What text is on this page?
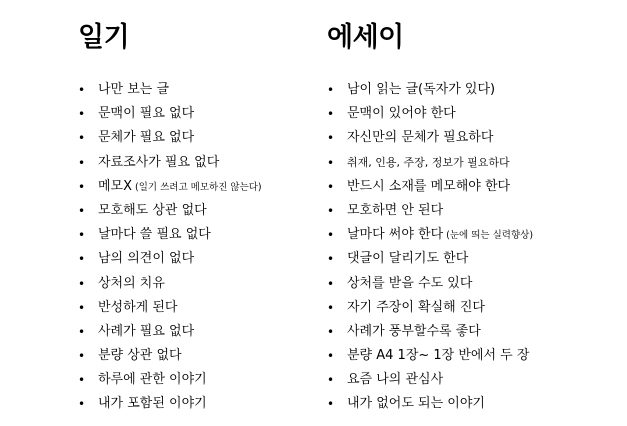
일기
• 나만 보는 글
• 문맥이 필요 없다
• 문체가 필요 없다
• 자료조사가 필요 없다
• 메모X (일기 쓰려고 메모하진 않는다)
• 모호해도 상관 없다
• 날마다 쓸 필요 없다
• 남의 의견이 없다
• 상처의 치유
• 반성하게 된다
• 사례가 필요 없다
• 분량 상관 없다
• 하루에 관한 이야기
• 내가 포함된 이야기
에세이
• 남이 읽는 글(독자가 있다)
• 문맥이 있어야 한다
• 자신만의 문체가 필요하다
• 취재, 인용, 주장, 정보가 필요하다
• 반드시 소재를 메모해야 한다
• 모호하면 안 된다
• 날마다 써야 한다 (눈에 띄는 실력향상)
• 댓글이 달리기도 한다
• 상처를 받을 수도 있다
• 자기 주장이 확실해 진다
• 사례가 풍부할수록 좋다
• 분량 A4 1장~ 1장 반에서 두 장
• 요즘 나의 관심사
• 내가 없어도 되는 이야기
